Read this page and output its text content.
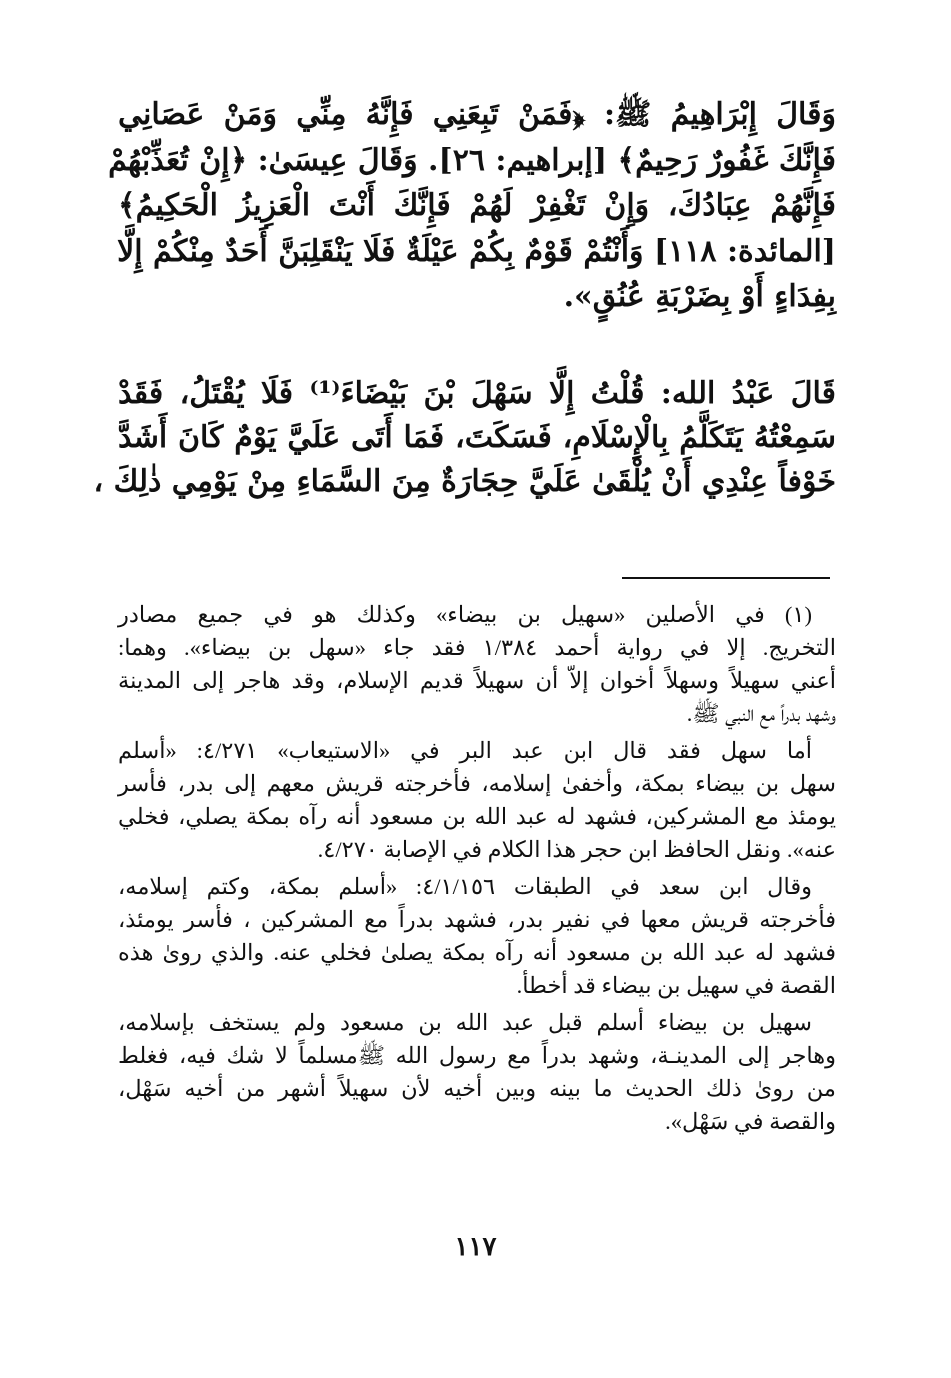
وَقَالَ إِبْرَاهِيمُ ﷺ: ﴿فَمَنْ تَبِعَنِي فَإِنَّهُ مِنِّي وَمَنْ عَصَانِي
فَإِنَّكَ غَفُورٌ رَحِيمٌ﴾ [إبراهيم: ٢٦]. وَقَالَ عِيسَىٰ: ﴿إِنْ تُعَذِّبْهُمْ
فَإِنَّهُمْ عِبَادُكَ، وَإِنْ تَغْفِرْ لَهُمْ فَإِنَّكَ أَنْتَ الْعَزِيزُ الْحَكِيمُ﴾
[المائدة: ١١٨] وَأَنْتُمْ قَوْمٌ بِكُمْ عَيْلَةٌ فَلَا يَنْقَلِبَنَّ أَحَدٌ مِنْكُمْ إِلَّا
بِفِدَاءٍ أَوْ بِضَرْبَةِ عُنُقٍ».
قَالَ عَبْدُ الله: قُلْتُ إِلَّا سَهْلَ بْنَ بَيْضَاءَ⁽¹⁾ فَلَا يُقْتَلُ، فَقَدْ
سَمِعْتُهُ يَتَكَلَّمُ بِالْإِسْلَامِ، فَسَكَتَ، فَمَا أَتَى عَلَيَّ يَوْمٌ كَانَ أَشَدَّ
خَوْفاً عِنْدِي أَنْ يُلْقَىٰ عَلَيَّ حِجَارَةٌ مِنَ السَّمَاءِ مِنْ يَوْمِي ذٰلِكَ ،
(١) في الأصلين «سهيل بن بيضاء» وكذلك هو في جميع مصادر
التخريج. إلا في رواية أحمد ١/٣٨٤ فقد جاء «سهل بن بيضاء». وهما:
أعني سهيلاً وسهلاً أخوان إلاّ أن سهيلاً قديم الإسلام، وقد هاجر إلى المدينة
وشهد بدراً مع النبي ﷺ.
أما سهل فقد قال ابن عبد البر في «الاستيعاب» ٤/٢٧١: «أسلم
سهل بن بيضاء بمكة، وأخفىٰ إسلامه، فأخرجته قريش معهم إلى بدر، فأسر
يومئذ مع المشركين، فشهد له عبد الله بن مسعود أنه رآه بمكة يصلي، فخلي
عنه». ونقل الحافظ ابن حجر هذا الكلام في الإصابة ٤/٢٧٠.
وقال ابن سعد في الطبقات ٤/١/١٥٦: «أسلم بمكة، وكتم إسلامه،
فأخرجته قريش معها في نفير بدر، فشهد بدراً مع المشركين ، فأسر يومئذ،
فشهد له عبد الله بن مسعود أنه رآه بمكة يصلىٰ فخلي عنه. والذي روىٰ هذه
القصة في سهيل بن بيضاء قد أخطأ.
سهيل بن بيضاء أسلم قبل عبد الله بن مسعود ولم يستخف بإسلامه،
وهاجر إلى المدينـة، وشهد بدراً مع رسول الله ﷺمسلماً لا شك فيه، فغلط
من روىٰ ذلك الحديث ما بينه وبين أخيه لأن سهيلاً أشهر من أخيه سَهْل،
والقصة في سَهْل».
١١٧
